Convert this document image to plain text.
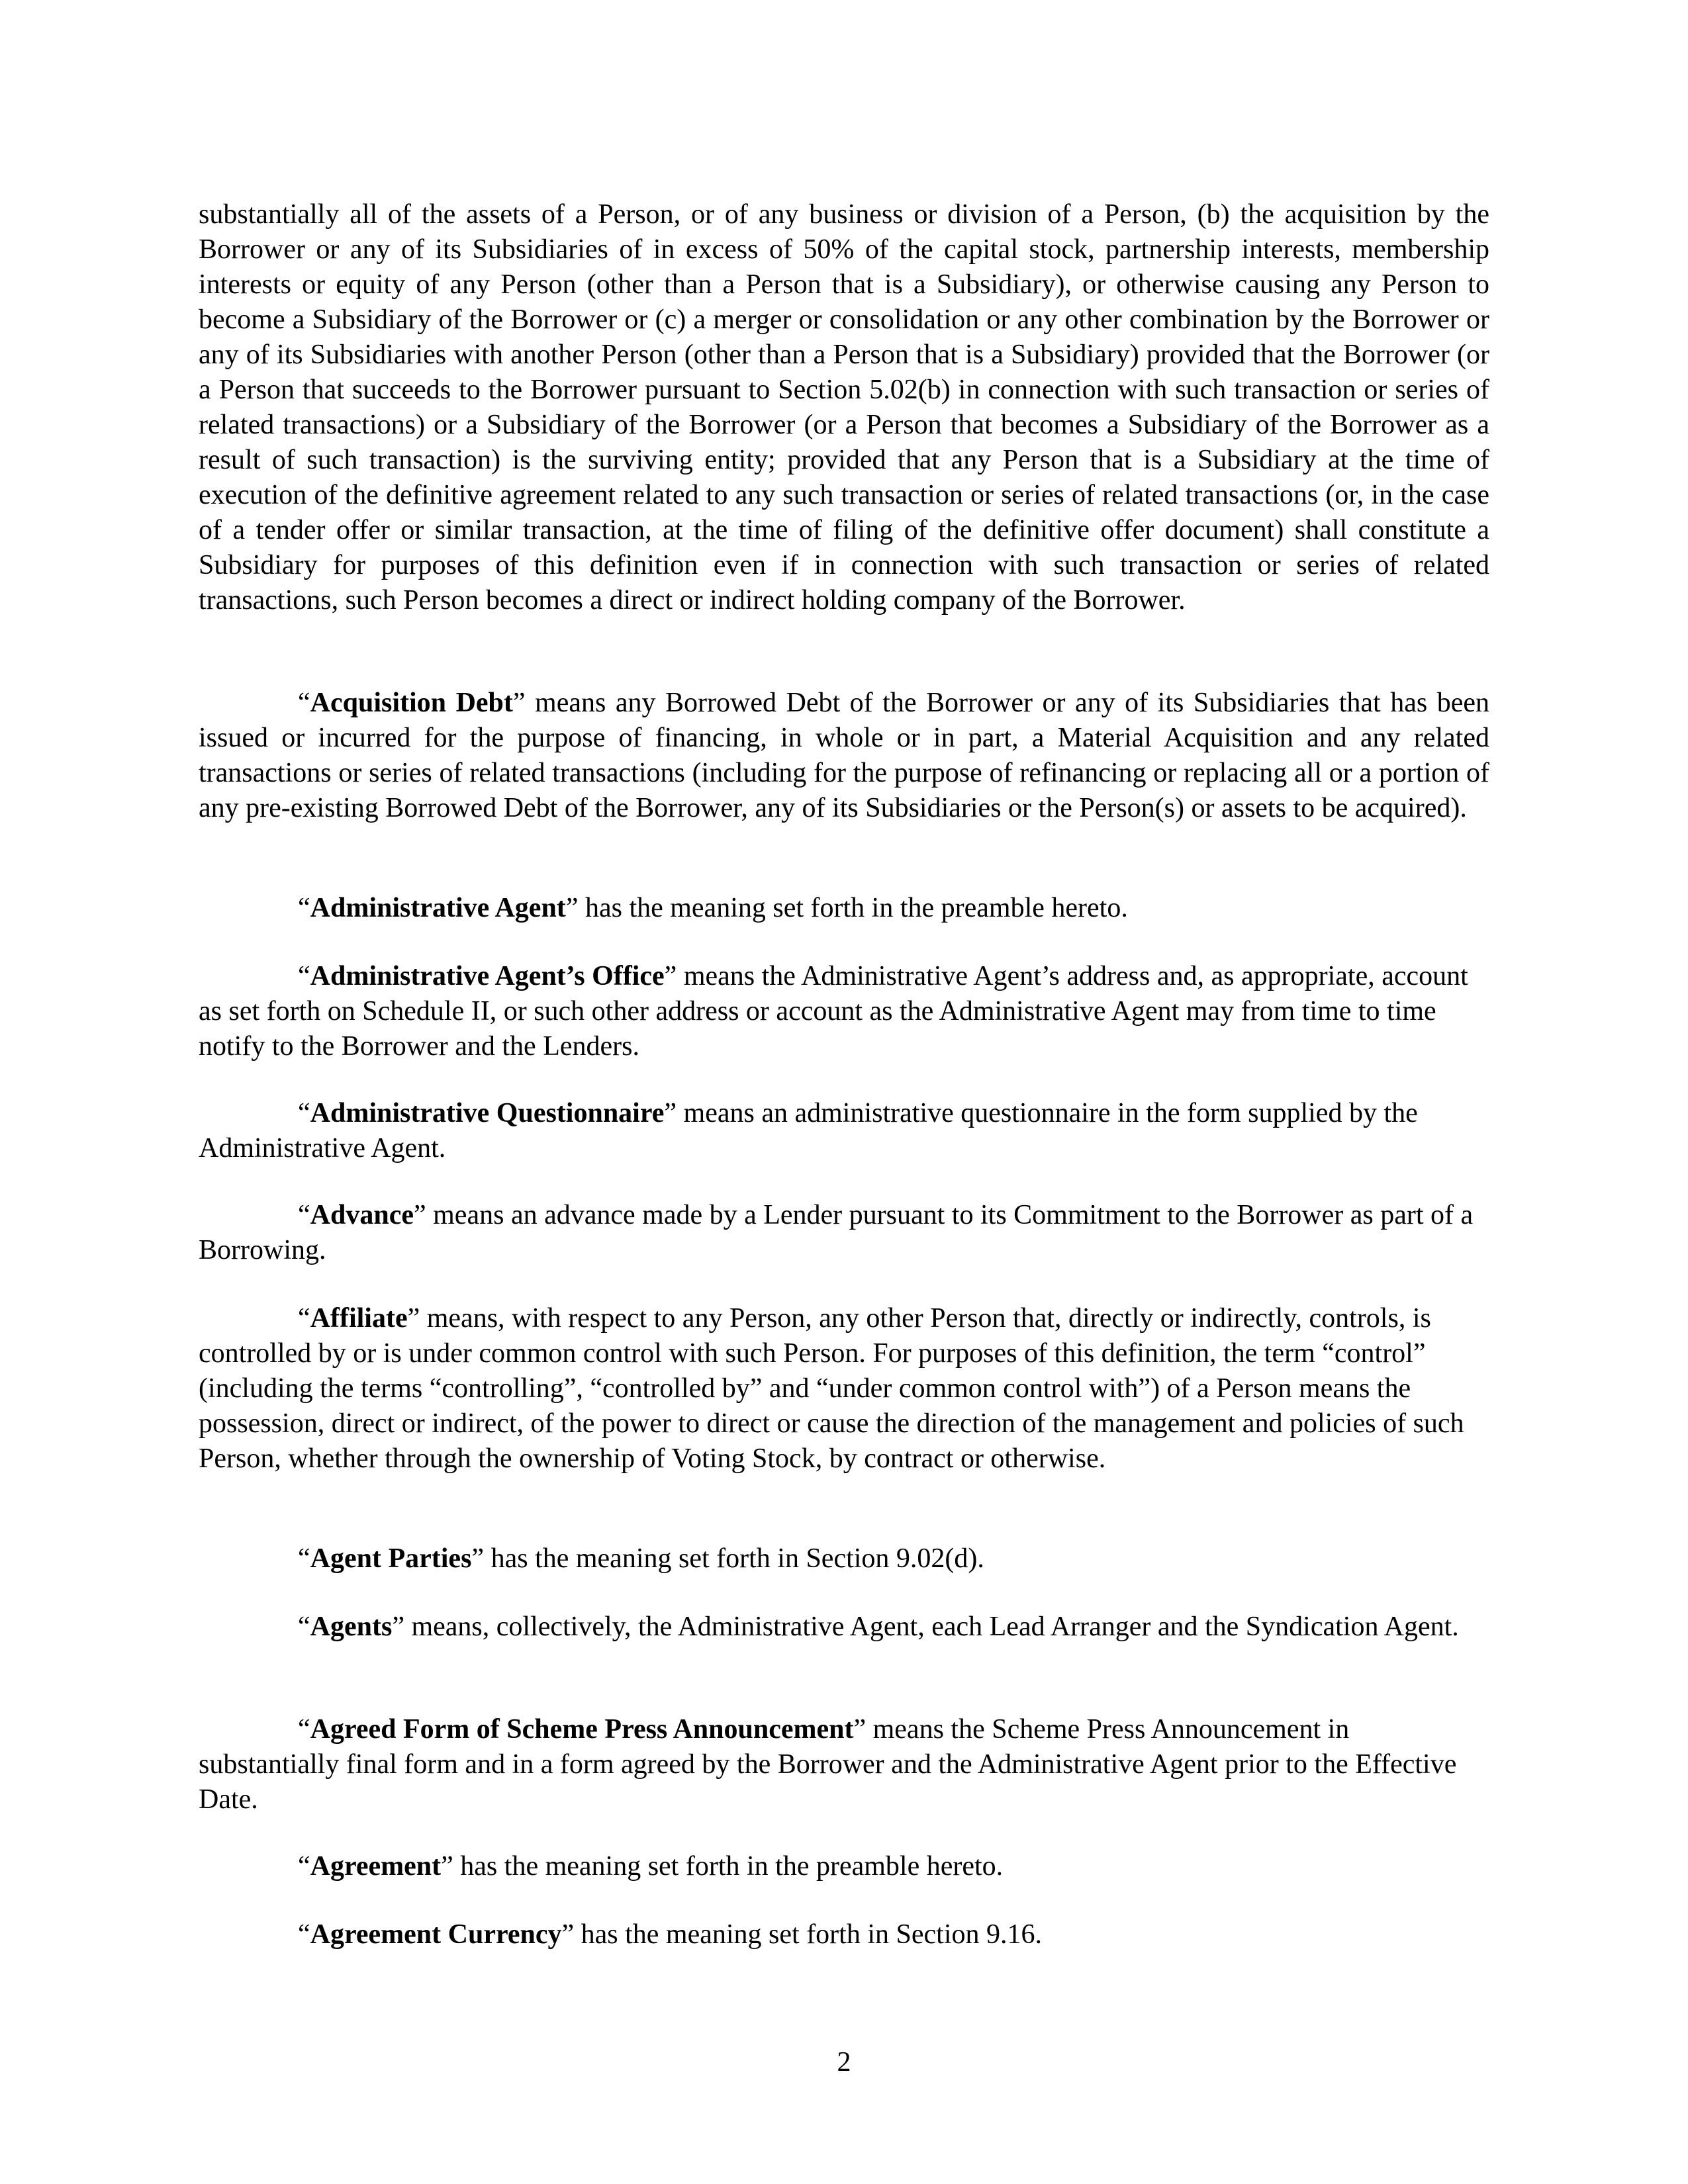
substantially all of the assets of a Person, or of any business or division of a Person, (b) the acquisition by the Borrower or any of its Subsidiaries of in excess of 50% of the capital stock, partnership interests, membership interests or equity of any Person (other than a Person that is a Subsidiary), or otherwise causing any Person to become a Subsidiary of the Borrower or (c) a merger or consolidation or any other combination by the Borrower or any of its Subsidiaries with another Person (other than a Person that is a Subsidiary) provided that the Borrower (or a Person that succeeds to the Borrower pursuant to Section 5.02(b) in connection with such transaction or series of related transactions) or a Subsidiary of the Borrower (or a Person that becomes a Subsidiary of the Borrower as a result of such transaction) is the surviving entity; provided that any Person that is a Subsidiary at the time of execution of the definitive agreement related to any such transaction or series of related transactions (or, in the case of a tender offer or similar transaction, at the time of filing of the definitive offer document) shall constitute a Subsidiary for purposes of this definition even if in connection with such transaction or series of related transactions, such Person becomes a direct or indirect holding company of the Borrower.

“Acquisition Debt” means any Borrowed Debt of the Borrower or any of its Subsidiaries that has been issued or incurred for the purpose of financing, in whole or in part, a Material Acquisition and any related transactions or series of related transactions (including for the purpose of refinancing or replacing all or a portion of any pre-existing Borrowed Debt of the Borrower, any of its Subsidiaries or the Person(s) or assets to be acquired).

“Administrative Agent” has the meaning set forth in the preamble hereto.

“Administrative Agent’s Office” means the Administrative Agent’s address and, as appropriate, account as set forth on Schedule II, or such other address or account as the Administrative Agent may from time to time notify to the Borrower and the Lenders.

“Administrative Questionnaire” means an administrative questionnaire in the form supplied by the Administrative Agent.

“Advance” means an advance made by a Lender pursuant to its Commitment to the Borrower as part of a Borrowing.

“Affiliate” means, with respect to any Person, any other Person that, directly or indirectly, controls, is controlled by or is under common control with such Person. For purposes of this definition, the term “control” (including the terms “controlling”, “controlled by” and “under common control with”) of a Person means the possession, direct or indirect, of the power to direct or cause the direction of the management and policies of such Person, whether through the ownership of Voting Stock, by contract or otherwise.

“Agent Parties” has the meaning set forth in Section 9.02(d).

“Agents” means, collectively, the Administrative Agent, each Lead Arranger and the Syndication Agent.

“Agreed Form of Scheme Press Announcement” means the Scheme Press Announcement in substantially final form and in a form agreed by the Borrower and the Administrative Agent prior to the Effective Date.

“Agreement” has the meaning set forth in the preamble hereto.

“Agreement Currency” has the meaning set forth in Section 9.16.

2
